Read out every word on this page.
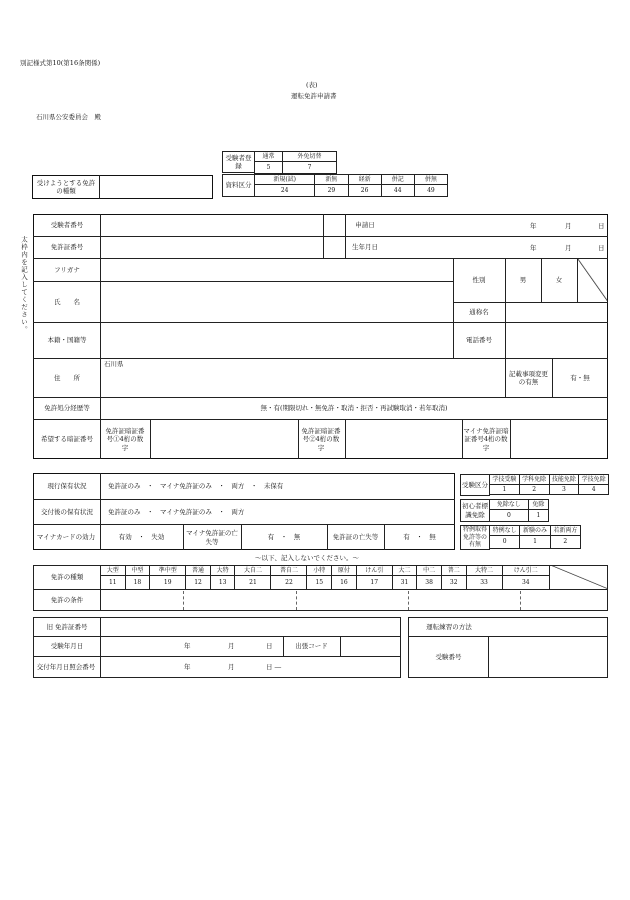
別記様式第10(第16条関係)
(表)
運転免許申請書
石川県公安委員会　殿
受験者登録
通常	外免切替
5	7
資料区分
新規(試)	新無	経新	併記	併無
24	29	26	44	49
受けようとする免許の種類
太枠内を記入してください。
受験者番号	申請日	年	月	日
免許証番号	生年月日	年	月	日
フリガナ
性別	男	女
氏　　名
通称名
本籍・国籍等	電話番号
住　　所
石川県
記載事項変更の有無
有・無
免許処分経歴等	無・有(期限切れ・無免許・取消・拒否・再試験取消・若年取消)
希望する暗証番号
免許証暗証番号①4桁の数字
免許証暗証番号②4桁の数字
マイナ免許証暗証番号4桁の数字
現行保有状況	免許証のみ　・　マイナ免許証のみ　・　両方　・　未保有
交付後の保有状況	免許証のみ　・　マイナ免許証のみ　・　両方
マイナカードの効力	有効　・　失効
マイナ免許証の亡失等
有　・　無	免許証の亡失等	有　・　無
受験区分
学技受験	学科免除	技能免除	学技免除
1	2	3	4
初心者標識免除
免除なし	免除
0	1
特例取得免許等の有無
特例なし	新験のみ	若新両方
0	1	2
～以下、記入しないでください。～
免許の種類
大型	中型	準中型	普通	大特	大自二	普自二	小特	原付	けん引	大二	中二	普二	大特二	けん引二
11	18	19	12	13	21	22	15	16	17	31	38	32	33	34
免許の条件
旧 免許証番号
受験年月日	年	月	日	出張コード
交付年月日照会番号	年	月	日 ―
運転練習の方法
受験番号
